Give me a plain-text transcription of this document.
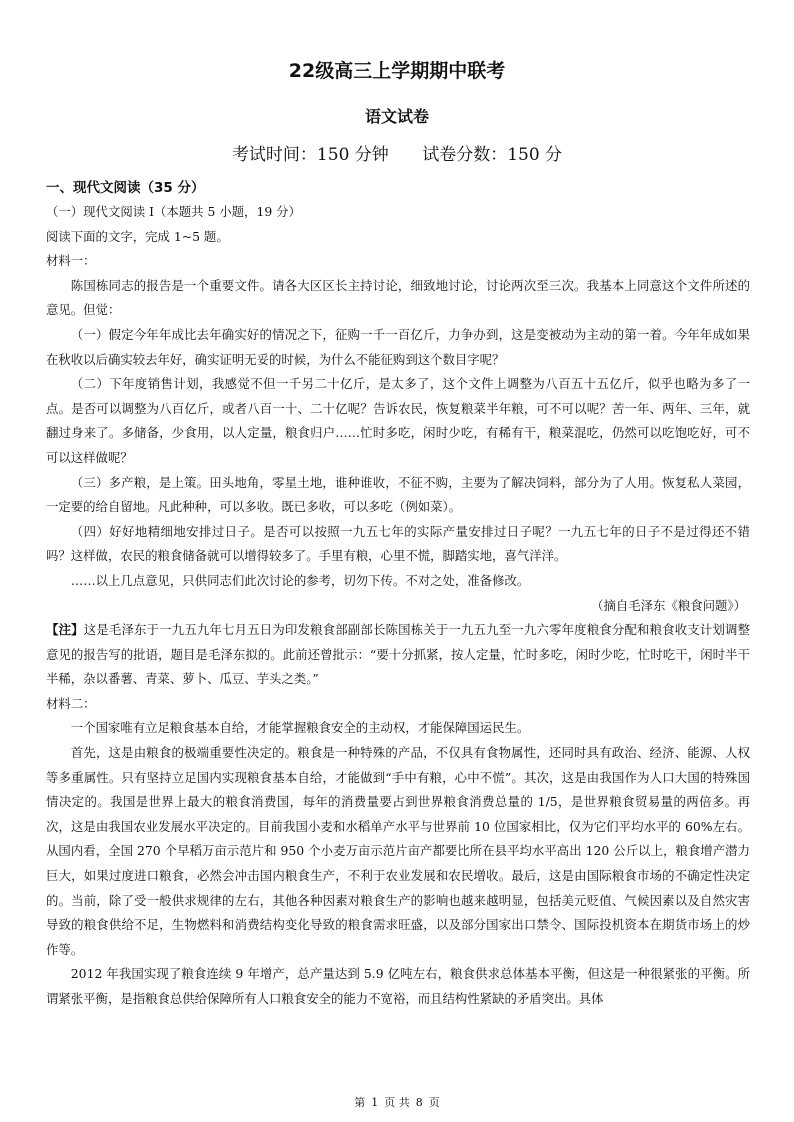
22级高三上学期期中联考
语文试卷
考试时间：150 分钟 试卷分数：150 分

一、现代文阅读（35 分）

（一）现代文阅读 I（本题共 5 小题，19 分）

阅读下面的文字，完成 1~5 题。

材料一：

陈国栋同志的报告是一个重要文件。请各大区区长主持讨论，细致地讨论，讨论两次至三次。我基本上同意这个文件所述的意见。但觉：

（一）假定今年年成比去年确实好的情况之下，征购一千一百亿斤，力争办到，这是变被动为主动的第一着。今年年成如果在秋收以后确实较去年好，确实证明无妥的时候，为什么不能征购到这个数目字呢？

（二）下年度销售计划，我感觉不但一千另二十亿斤，是太多了，这个文件上调整为八百五十五亿斤，似乎也略为多了一点。是否可以调整为八百亿斤，或者八百一十、二十亿呢？告诉农民，恢复粮菜半年粮，可不可以呢？苦一年、两年、三年，就翻过身来了。多储备，少食用，以人定量，粮食归户……忙时多吃，闲时少吃，有稀有干，粮菜混吃，仍然可以吃饱吃好，可不可以这样做呢？

（三）多产粮，是上策。田头地角，零星土地，谁种谁收，不征不购，主要为了解决饲料，部分为了人用。恢复私人菜园，一定要的给自留地。凡此种种，可以多收。既已多收，可以多吃（例如菜）。

（四）好好地精细地安排过日子。是否可以按照一九五七年的实际产量安排过日子呢？一九五七年的日子不是过得还不错吗？这样做，农民的粮食储备就可以增得较多了。手里有粮，心里不慌，脚踏实地，喜气洋洋。

……以上几点意见，只供同志们此次讨论的参考，切勿下传。不对之处，准备修改。

（摘自毛泽东《粮食问题》）

【注】这是毛泽东于一九五九年七月五日为印发粮食部副部长陈国栋关于一九五九至一九六零年度粮食分配和粮食收支计划调整意见的报告写的批语，题目是毛泽东拟的。此前还曾批示：“要十分抓紧，按人定量，忙时多吃，闲时少吃，忙时吃干，闲时半干半稀，杂以番薯、青菜、萝卜、瓜豆、芋头之类。”

材料二：

一个国家唯有立足粮食基本自给，才能掌握粮食安全的主动权，才能保障国运民生。

首先，这是由粮食的极端重要性决定的。粮食是一种特殊的产品，不仅具有食物属性，还同时具有政治、经济、能源、人权等多重属性。只有坚持立足国内实现粮食基本自给，才能做到“手中有粮，心中不慌”。其次，这是由我国作为人口大国的特殊国情决定的。我国是世界上最大的粮食消费国，每年的消费量要占到世界粮食消费总量的 1/5，是世界粮食贸易量的两倍多。再次，这是由我国农业发展水平决定的。目前我国小麦和水稻单产水平与世界前 10 位国家相比，仅为它们平均水平的 60%左右。从国内看，全国 270 个早稻万亩示范片和 950 个小麦万亩示范片亩产都要比所在县平均水平高出 120 公斤以上，粮食增产潜力巨大，如果过度进口粮食，必然会冲击国内粮食生产，不利于农业发展和农民增收。最后，这是由国际粮食市场的不确定性决定的。当前，除了受一般供求规律的左右，其他各种因素对粮食生产的影响也越来越明显，包括美元贬值、气候因素以及自然灾害导致的粮食供给不足，生物燃料和消费结构变化导致的粮食需求旺盛，以及部分国家出口禁令、国际投机资本在期货市场上的炒作等。

2012 年我国实现了粮食连续 9 年增产，总产量达到 5.9 亿吨左右，粮食供求总体基本平衡，但这是一种很紧张的平衡。所谓紧张平衡，是指粮食总供给保障所有人口粮食安全的能力不宽裕，而且结构性紧缺的矛盾突出。具体

第 1 页 共 8 页
